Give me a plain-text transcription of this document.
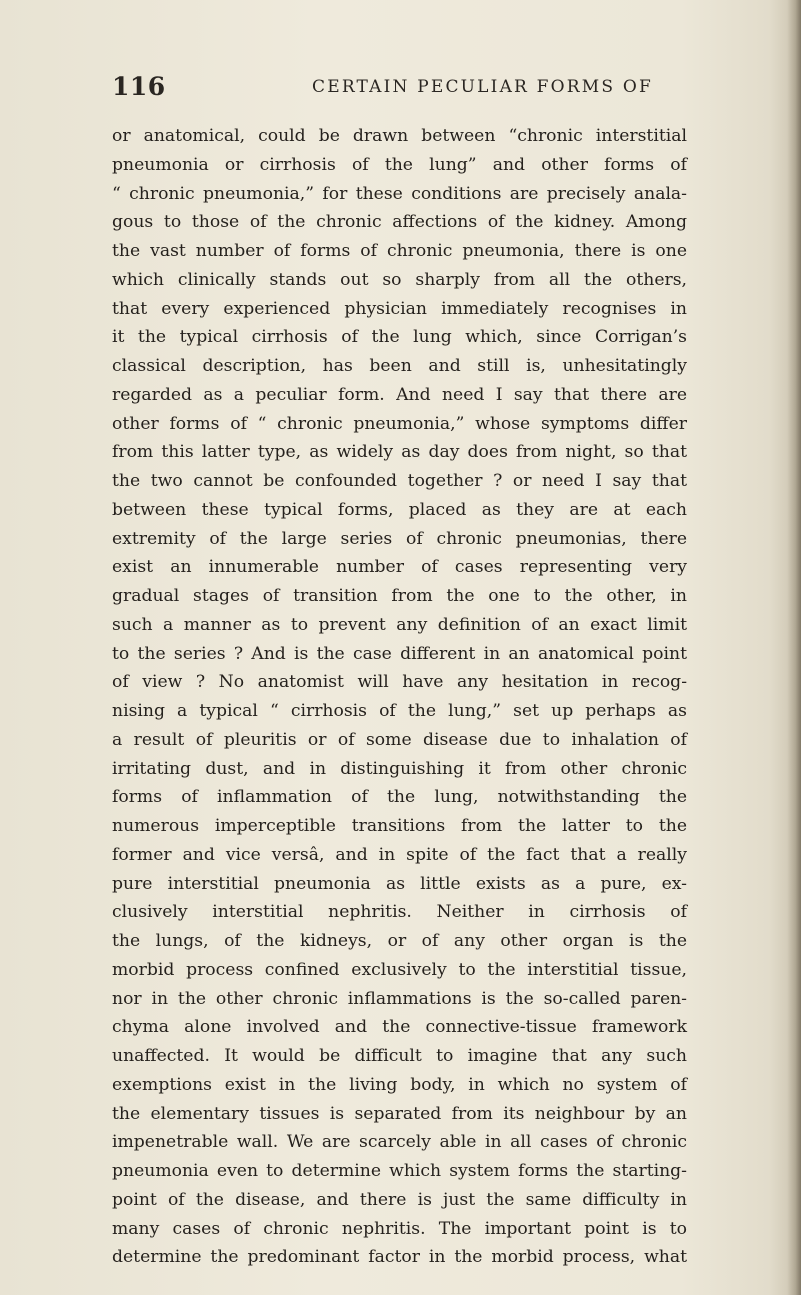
116	CERTAIN PECULIAR FORMS OF
or anatomical, could be drawn between “chronic interstitial
pneumonia or cirrhosis of the lung” and other forms of
“ chronic pneumonia,” for these conditions are precisely anala-
gous to those of the chronic affections of the kidney. Among
the vast number of forms of chronic pneumonia, there is one
which clinically stands out so sharply from all the others,
that every experienced physician immediately recognises in
it the typical cirrhosis of the lung which, since Corrigan’s
classical description, has been and still is, unhesitatingly
regarded as a peculiar form. And need I say that there are
other forms of “ chronic pneumonia,” whose symptoms differ
from this latter type, as widely as day does from night, so that
the two cannot be confounded together ? or need I say that
between these typical forms, placed as they are at each
extremity of the large series of chronic pneumonias, there
exist an innumerable number of cases representing very
gradual stages of transition from the one to the other, in
such a manner as to prevent any definition of an exact limit
to the series ? And is the case different in an anatomical point
of view ? No anatomist will have any hesitation in recog-
nising a typical “ cirrhosis of the lung,” set up perhaps as
a result of pleuritis or of some disease due to inhalation of
irritating dust, and in distinguishing it from other chronic
forms of inflammation of the lung, notwithstanding the
numerous imperceptible transitions from the latter to the
former and vice versâ, and in spite of the fact that a really
pure interstitial pneumonia as little exists as a pure, ex-
clusively interstitial nephritis. Neither in cirrhosis of
the lungs, of the kidneys, or of any other organ is the
morbid process confined exclusively to the interstitial tissue,
nor in the other chronic inflammations is the so-called paren-
chyma alone involved and the connective-tissue framework
unaffected. It would be difficult to imagine that any such
exemptions exist in the living body, in which no system of
the elementary tissues is separated from its neighbour by an
impenetrable wall. We are scarcely able in all cases of chronic
pneumonia even to determine which system forms the starting-
point of the disease, and there is just the same difficulty in
many cases of chronic nephritis. The important point is to
determine the predominant factor in the morbid process, what
